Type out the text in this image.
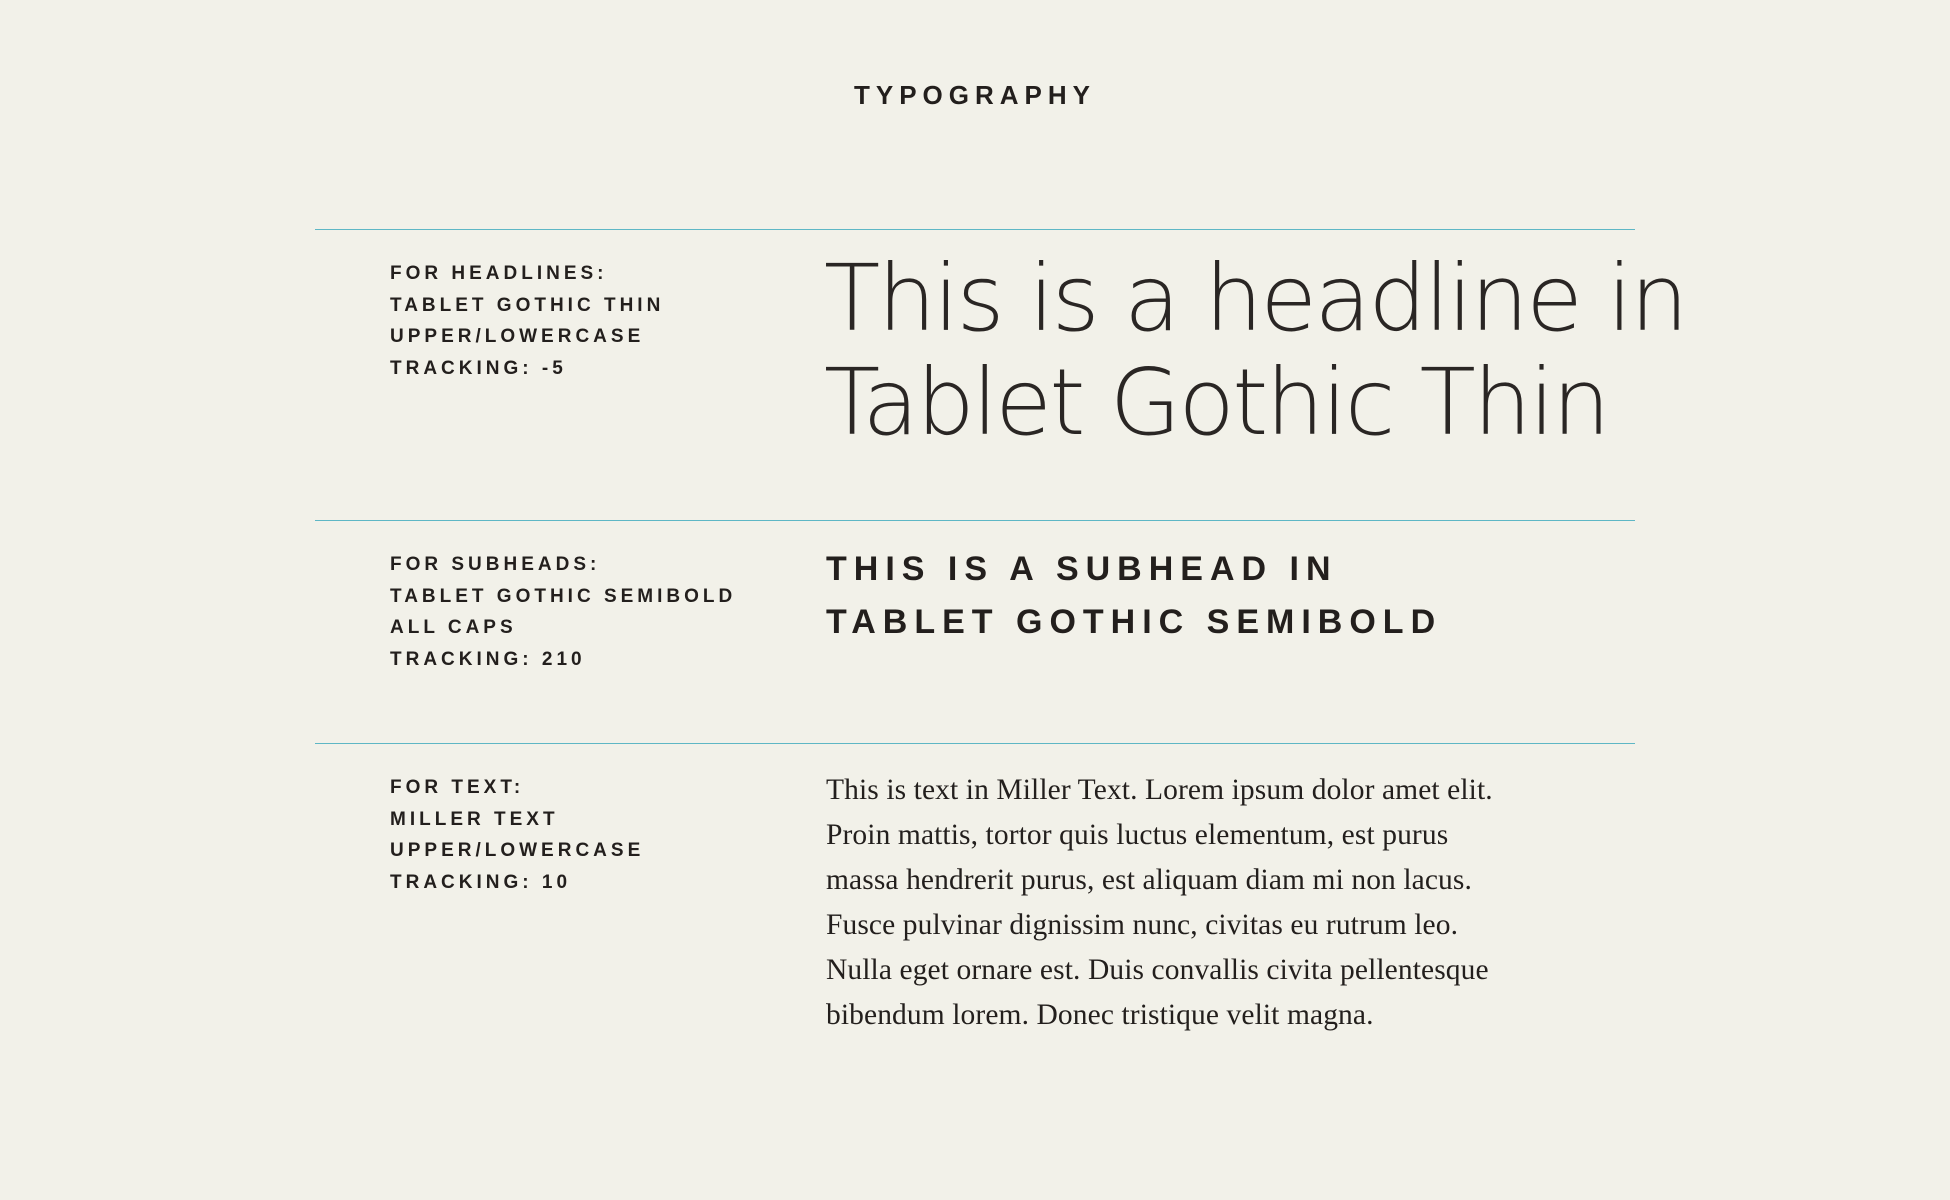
TYPOGRAPHY
FOR HEADLINES:
TABLET GOTHIC THIN
UPPER/LOWERCASE
TRACKING: -5
This is a headline in
Tablet Gothic Thin
FOR SUBHEADS:
TABLET GOTHIC SEMIBOLD
ALL CAPS
TRACKING: 210
THIS IS A SUBHEAD IN
TABLET GOTHIC SEMIBOLD
FOR TEXT:
MILLER TEXT
UPPER/LOWERCASE
TRACKING: 10

This is text in Miller Text. Lorem ipsum dolor amet elit.
Proin mattis, tortor quis luctus elementum, est purus
massa hendrerit purus, est aliquam diam mi non lacus.
Fusce pulvinar dignissim nunc, civitas eu rutrum leo.
Nulla eget ornare est. Duis convallis civita pellentesque
bibendum lorem. Donec tristique velit magna.
